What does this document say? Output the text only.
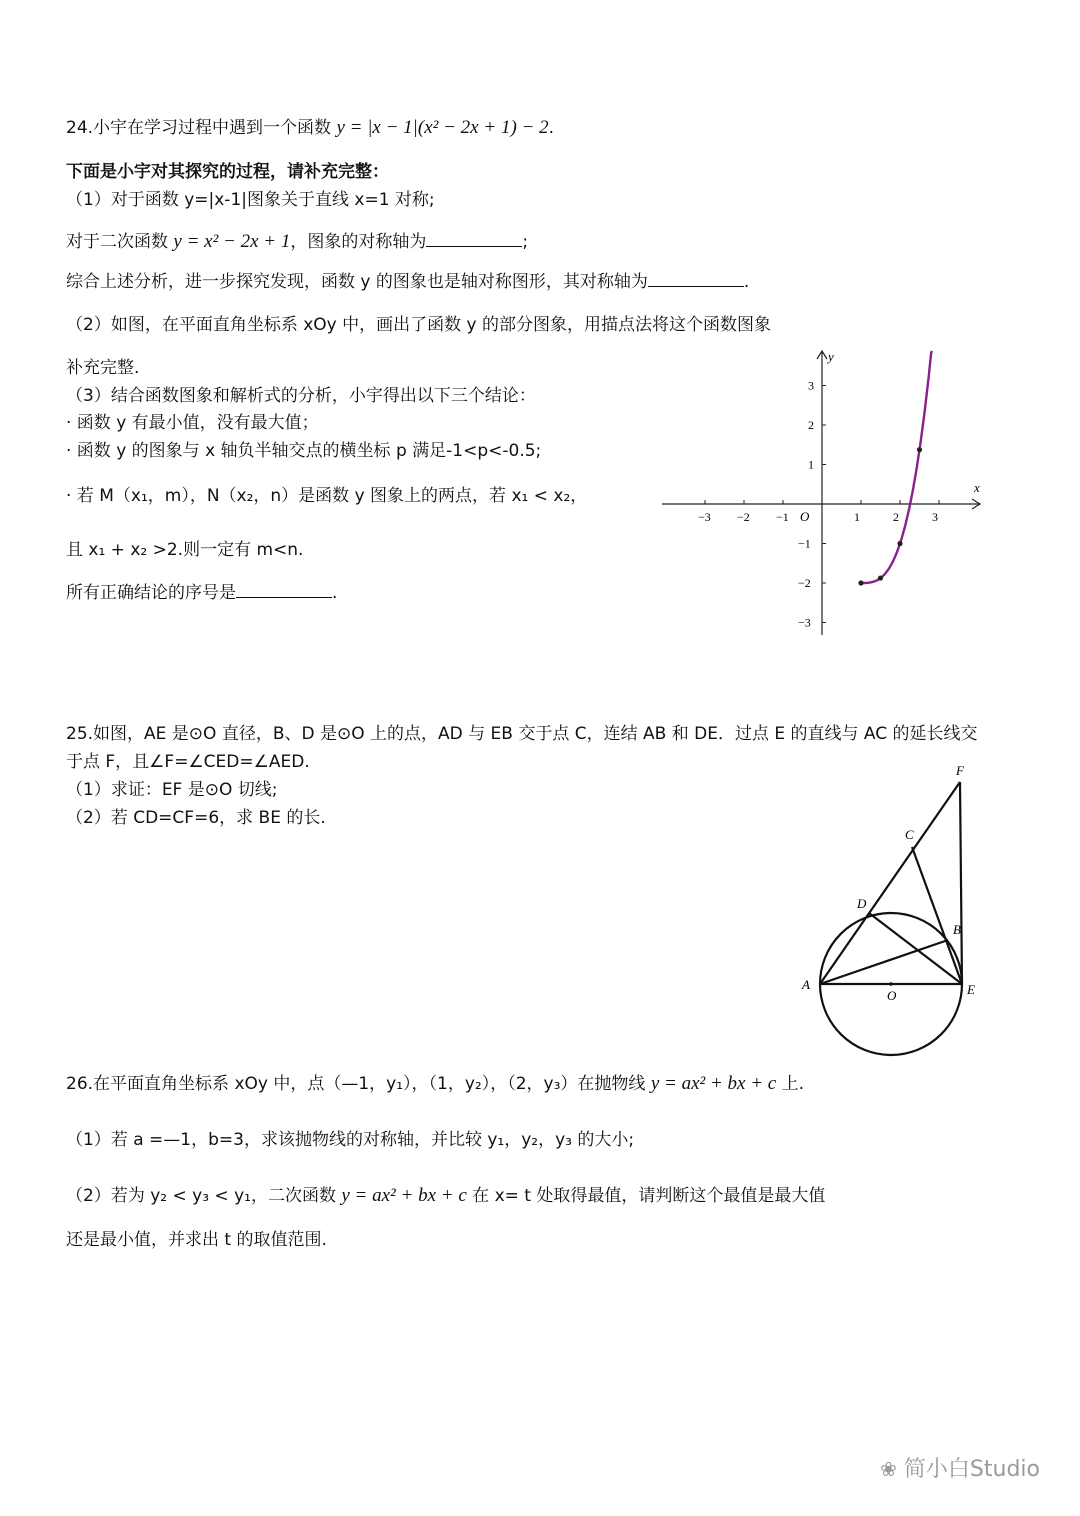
24.小宇在学习过程中遇到一个函数 y = |x − 1|(x² − 2x + 1) − 2.
下面是小宇对其探究的过程，请补充完整：
（1）对于函数 y=|x-1|图象关于直线 x=1 对称;
对于二次函数 y = x² − 2x + 1，图象的对称轴为	;
综合上述分析，进一步探究发现，函数 y 的图象也是轴对称图形，其对称轴为	.
（2）如图，在平面直角坐标系 xOy 中，画出了函数 y 的部分图象，用描点法将这个函数图象
补充完整.
（3）结合函数图象和解析式的分析，小宇得出以下三个结论：
· 函数 y 有最小值，没有最大值；
· 函数 y 的图象与 x 轴负半轴交点的横坐标 p 满足-1<p<-0.5;
· 若 M（x₁，m），N（x₂，n）是函数 y 图象上的两点，若 x₁ < x₂，
且 x₁ + x₂ >2.则一定有 m<n.
所有正确结论的序号是	.
−3 −2 −1	1	2	3
3
2
1
−1
−2
−3
x
y
O
25.如图，AE 是⊙O 直径，B、D 是⊙O 上的点，AD 与 EB 交于点 C，连结 AB 和 DE．过点 E 的直线与 AC 的延长线交
于点 F，且∠F=∠CED=∠AED.
（1）求证：EF 是⊙O 切线;
（2）若 CD=CF=6，求 BE 的长.
A
B
C
D
E
F
O
26.在平面直角坐标系 xOy 中，点（—1，y₁），（1，y₂），（2，y₃）在抛物线 y = ax² + bx + c 上.
（1）若 a =—1，b=3，求该抛物线的对称轴，并比较 y₁，y₂，y₃ 的大小;
（2）若为 y₂ < y₃ < y₁，二次函数 y = ax² + bx + c 在 x= t 处取得最值，请判断这个最值是最大值
还是最小值，并求出 t 的取值范围.
❀ 简小白Studio
